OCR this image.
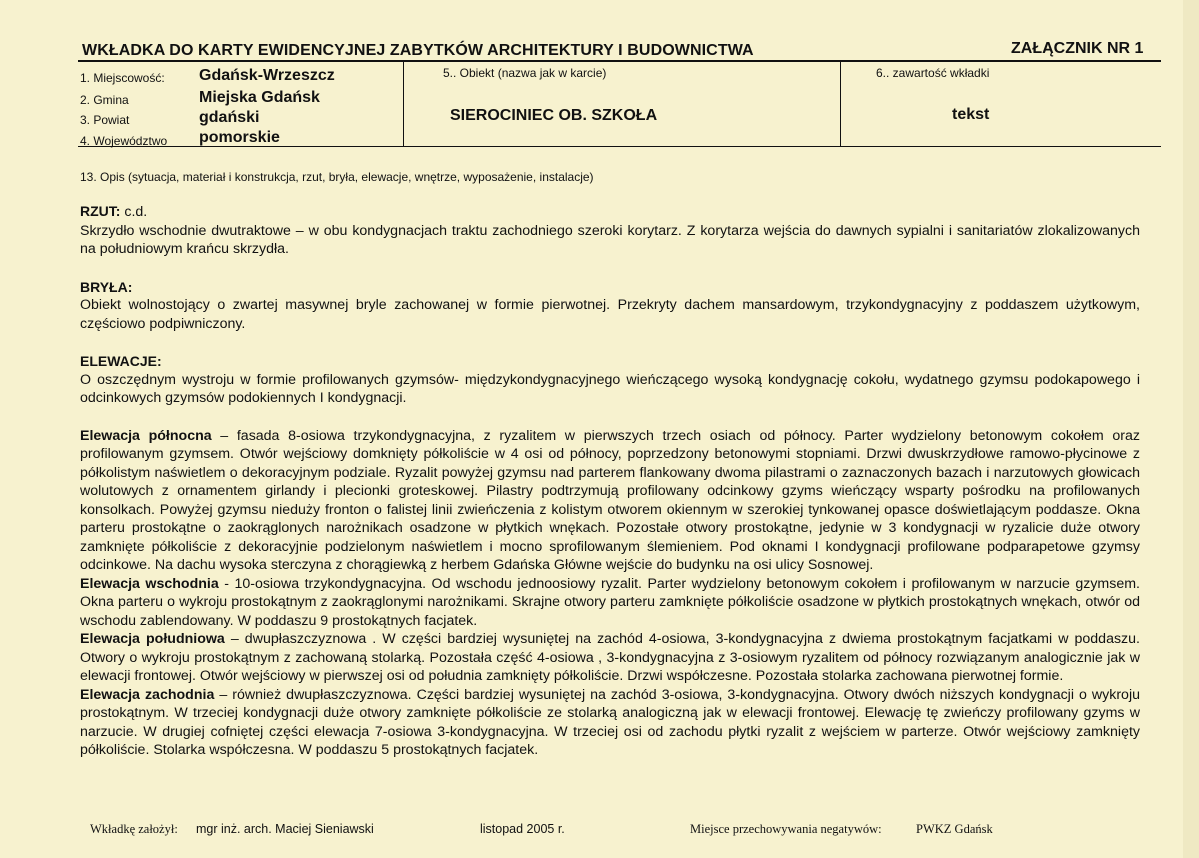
WKŁADKA DO KARTY EWIDENCYJNEJ ZABYTKÓW ARCHITEKTURY I BUDOWNICTWA	ZAŁĄCZNIK NR 1
1. Miejscowość: Gdańsk-Wrzeszcz
2. Gmina	Miejska Gdańsk
3. Powiat	gdański
4. Województwo pomorskie
5.. Obiekt (nazwa jak w karcie)
SIEROCINIEC OB. SZKOŁA
6.. zawartość wkładki
tekst
13. Opis (sytuacja, materiał i konstrukcja, rzut, bryła, elewacje, wnętrze, wyposażenie, instalacje)
RZUT: c.d.
Skrzydło wschodnie dwutraktowe – w obu kondygnacjach traktu zachodniego szeroki korytarz. Z korytarza wejścia do dawnych sypialni i sanitariatów zlokalizowanych na południowym krańcu skrzydła.
BRYŁA:
Obiekt wolnostojący o zwartej masywnej bryle zachowanej w formie pierwotnej. Przekryty dachem mansardowym, trzykondygnacyjny z poddaszem użytkowym, częściowo podpiwniczony.
ELEWACJE:
O oszczędnym wystroju w formie profilowanych gzymsów- międzykondygnacyjnego wieńczącego wysoką kondygnację cokołu, wydatnego gzymsu podokapowego i odcinkowych gzymsów podokiennych I kondygnacji.
Elewacja północna – fasada 8-osiowa trzykondygnacyjna, z ryzalitem w pierwszych trzech osiach od północy. Parter wydzielony betonowym cokołem oraz profilowanym gzymsem. Otwór wejściowy domknięty półkoliście w 4 osi od północy, poprzedzony betonowymi stopniami. Drzwi dwuskrzydłowe ramowo-płycinowe z półkolistym naświetlem o dekoracyjnym podziale. Ryzalit powyżej gzymsu nad parterem flankowany dwoma pilastrami o zaznaczonych bazach i narzutowych głowicach wolutowych z ornamentem girlandy i plecionki groteskowej. Pilastry podtrzymują profilowany odcinkowy gzyms wieńczący wsparty pośrodku na profilowanych konsolkach. Powyżej gzymsu nieduży fronton o falistej linii zwieńczenia z kolistym otworem okiennym w szerokiej tynkowanej opasce doświetlającym poddasze. Okna parteru prostokątne o zaokrąglonych narożnikach osadzone w płytkich wnękach. Pozostałe otwory prostokątne, jedynie w 3 kondygnacji w ryzalicie duże otwory zamknięte półkoliście z dekoracyjnie podzielonym naświetlem i mocno sprofilowanym ślemieniem. Pod oknami I kondygnacji profilowane podparapetowe gzymsy odcinkowe. Na dachu wysoka sterczyna z chorągiewką z herbem Gdańska Główne wejście do budynku na osi ulicy Sosnowej.
Elewacja wschodnia - 10-osiowa trzykondygnacyjna. Od wschodu jednoosiowy ryzalit. Parter wydzielony betonowym cokołem i profilowanym w narzucie gzymsem. Okna parteru o wykroju prostokątnym z zaokrąglonymi narożnikami. Skrajne otwory parteru zamknięte półkoliście osadzone w płytkich prostokątnych wnękach, otwór od wschodu zablendowany. W poddaszu 9 prostokątnych facjatek.
Elewacja południowa – dwupłaszczyznowa . W części bardziej wysuniętej na zachód 4-osiowa, 3-kondygnacyjna z dwiema prostokątnym facjatkami w poddaszu. Otwory o wykroju prostokątnym z zachowaną stolarką. Pozostała część 4-osiowa , 3-kondygnacyjna z 3-osiowym ryzalitem od północy rozwiązanym analogicznie jak w elewacji frontowej. Otwór wejściowy w pierwszej osi od południa zamknięty półkoliście. Drzwi współczesne. Pozostała stolarka zachowana pierwotnej formie.
Elewacja zachodnia – również dwupłaszczyznowa. Części bardziej wysuniętej na zachód 3-osiowa, 3-kondygnacyjna. Otwory dwóch niższych kondygnacji o wykroju prostokątnym. W trzeciej kondygnacji duże otwory zamknięte półkoliście ze stolarką analogiczną jak w elewacji frontowej. Elewację tę zwieńczy profilowany gzyms w narzucie. W drugiej cofniętej części elewacja 7-osiowa 3-kondygnacyjna. W trzeciej osi od zachodu płytki ryzalit z wejściem w parterze. Otwór wejściowy zamknięty półkoliście. Stolarka współczesna. W poddaszu 5 prostokątnych facjatek.
Wkładkę założył: mgr inż. arch. Maciej Sieniawski	listopad 2005 r.	Miejsce przechowywania negatywów:	PWKZ Gdańsk
